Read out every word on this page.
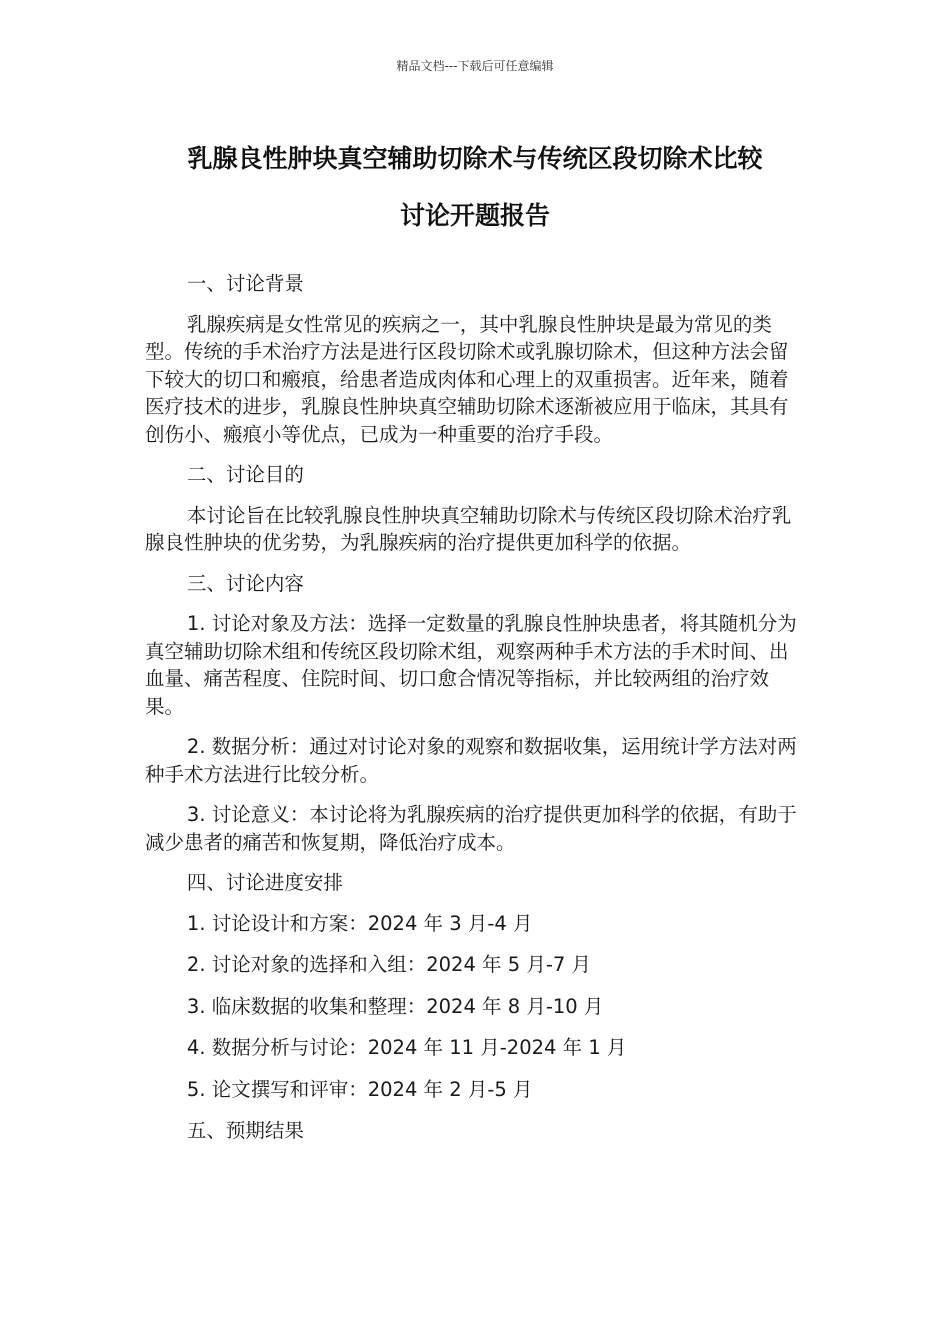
精品文档---下载后可任意编辑
乳腺良性肿块真空辅助切除术与传统区段切除术比较
讨论开题报告

一、讨论背景

乳腺疾病是女性常见的疾病之一，其中乳腺良性肿块是最为常见的类型。传统的手术治疗方法是进行区段切除术或乳腺切除术，但这种方法会留下较大的切口和瘢痕，给患者造成肉体和心理上的双重损害。近年来，随着医疗技术的进步，乳腺良性肿块真空辅助切除术逐渐被应用于临床，其具有创伤小、瘢痕小等优点，已成为一种重要的治疗手段。

二、讨论目的

本讨论旨在比较乳腺良性肿块真空辅助切除术与传统区段切除术治疗乳腺良性肿块的优劣势，为乳腺疾病的治疗提供更加科学的依据。

三、讨论内容

1. 讨论对象及方法：选择一定数量的乳腺良性肿块患者，将其随机分为真空辅助切除术组和传统区段切除术组，观察两种手术方法的手术时间、出血量、痛苦程度、住院时间、切口愈合情况等指标，并比较两组的治疗效果。

2. 数据分析：通过对讨论对象的观察和数据收集，运用统计学方法对两种手术方法进行比较分析。

3. 讨论意义：本讨论将为乳腺疾病的治疗提供更加科学的依据，有助于减少患者的痛苦和恢复期，降低治疗成本。

四、讨论进度安排

1. 讨论设计和方案：2024 年 3 月-4 月

2. 讨论对象的选择和入组：2024 年 5 月-7 月

3. 临床数据的收集和整理：2024 年 8 月-10 月

4. 数据分析与讨论：2024 年 11 月-2024 年 1 月

5. 论文撰写和评审：2024 年 2 月-5 月

五、预期结果
